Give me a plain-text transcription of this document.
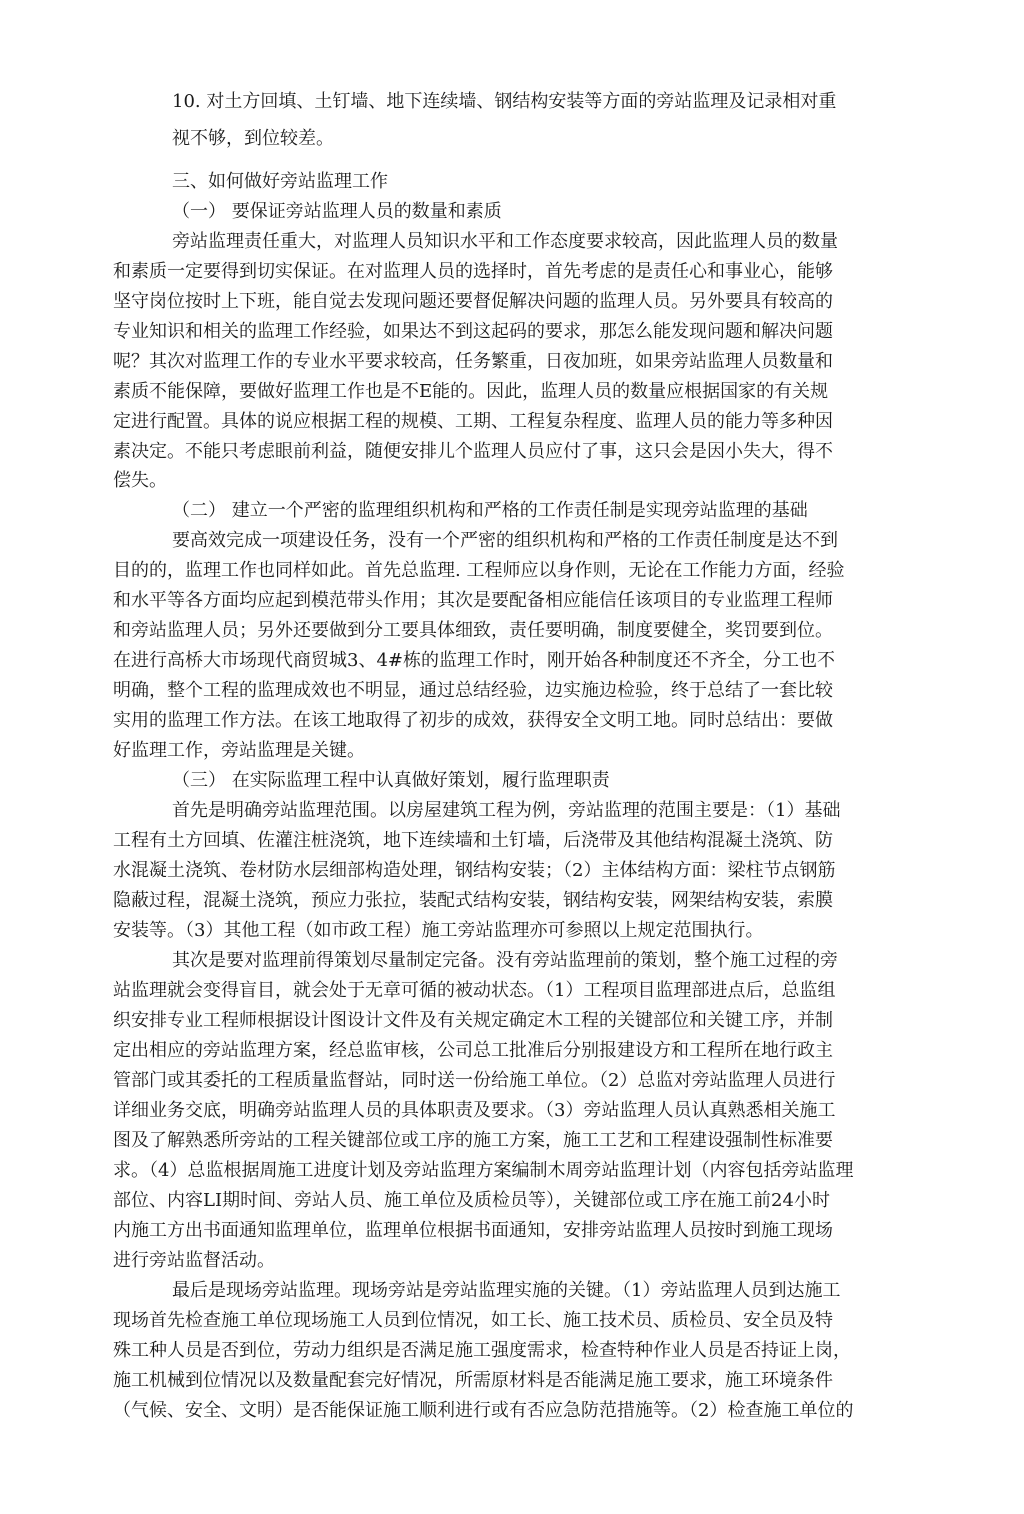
10. 对土方回填、土钉墙、地下连续墙、钢结构安装等方面的旁站监理及记录相对重
视不够，到位较差。
三、如何做好旁站监理工作
（一） 要保证旁站监理人员的数量和素质
旁站监理责任重大，对监理人员知识水平和工作态度要求较高，因此监理人员的数量
和素质一定要得到切实保证。在对监理人员的选择时，首先考虑的是责任心和事业心，能够
坚守岗位按时上下班，能自觉去发现问题还要督促解决问题的监理人员。另外要具有较高的
专业知识和相关的监理工作经验，如果达不到这起码的要求，那怎么能发现问题和解决问题
呢？其次对监理工作的专业水平要求较高，任务繁重，日夜加班，如果旁站监理人员数量和
素质不能保障，要做好监理工作也是不E能的。因此，监理人员的数量应根据国家的有关规
定进行配置。具体的说应根据工程的规模、工期、工程复杂程度、监理人员的能力等多种因
素决定。不能只考虑眼前利益，随便安排儿个监理人员应付了事，这只会是因小失大，得不
偿失。
（二） 建立一个严密的监理组织机构和严格的工作责任制是实现旁站监理的基础
要高效完成一项建设任务，没有一个严密的组织机构和严格的工作责任制度是达不到
目的的，监理工作也同样如此。首先总监理. 工程师应以身作则，无论在工作能力方面，经验
和水平等各方面均应起到模范带头作用；其次是要配备相应能信任该项目的专业监理工程师
和旁站监理人员；另外还要做到分工要具体细致，责任要明确，制度要健全，奖罚要到位。
在进行高桥大市场现代商贸城3、4#栋的监理工作时，刚开始各种制度还不齐全，分工也不
明确，整个工程的监理成效也不明显，通过总结经验，边实施边检验，终于总结了一套比较
实用的监理工作方法。在该工地取得了初步的成效，获得安全文明工地。同时总结出：要做
好监理工作，旁站监理是关键。
（三） 在实际监理工程中认真做好策划，履行监理职责
首先是明确旁站监理范围。以房屋建筑工程为例，旁站监理的范围主要是：（1）基础
工程有土方回填、佐灌注桩浇筑，地下连续墙和土钉墙，后浇带及其他结构混凝土浇筑、防
水混凝土浇筑、卷材防水层细部构造处理，钢结构安装；（2）主体结构方面：梁柱节点钢筋
隐蔽过程，混凝土浇筑，预应力张拉，装配式结构安装，钢结构安装，网架结构安装，索膜
安装等。（3）其他工程（如市政工程）施工旁站监理亦可参照以上规定范围执行。
其次是要对监理前得策划尽量制定完备。没有旁站监理前的策划，整个施工过程的旁
站监理就会变得盲目，就会处于无章可循的被动状态。（1）工程项目监理部进点后，总监组
织安排专业工程师根据设计图设计文件及有关规定确定木工程的关键部位和关键工序，并制
定出相应的旁站监理方案，经总监审核，公司总工批准后分别报建设方和工程所在地行政主
管部门或其委托的工程质量监督站，同时送一份给施工单位。（2）总监对旁站监理人员进行
详细业务交底，明确旁站监理人员的具体职责及要求。（3）旁站监理人员认真熟悉相关施工
图及了解熟悉所旁站的工程关键部位或工序的施工方案，施工工艺和工程建设强制性标准要
求。（4）总监根据周施工进度计划及旁站监理方案编制木周旁站监理计划（内容包括旁站监理
部位、内容LI期时间、旁站人员、施工单位及质检员等），关键部位或工序在施工前24小时
内施工方出书面通知监理单位，监理单位根据书面通知，安排旁站监理人员按时到施工现场
进行旁站监督活动。
最后是现场旁站监理。现场旁站是旁站监理实施的关键。（1）旁站监理人员到达施工
现场首先检查施工单位现场施工人员到位情况，如工长、施工技术员、质检员、安全员及特
殊工种人员是否到位，劳动力组织是否满足施工强度需求，检查特种作业人员是否持证上岗，
施工机械到位情况以及数量配套完好情况，所需原材料是否能满足施工要求，施工环境条件
（气候、安全、文明）是否能保证施工顺利进行或有否应急防范措施等。（2）检查施工单位的
